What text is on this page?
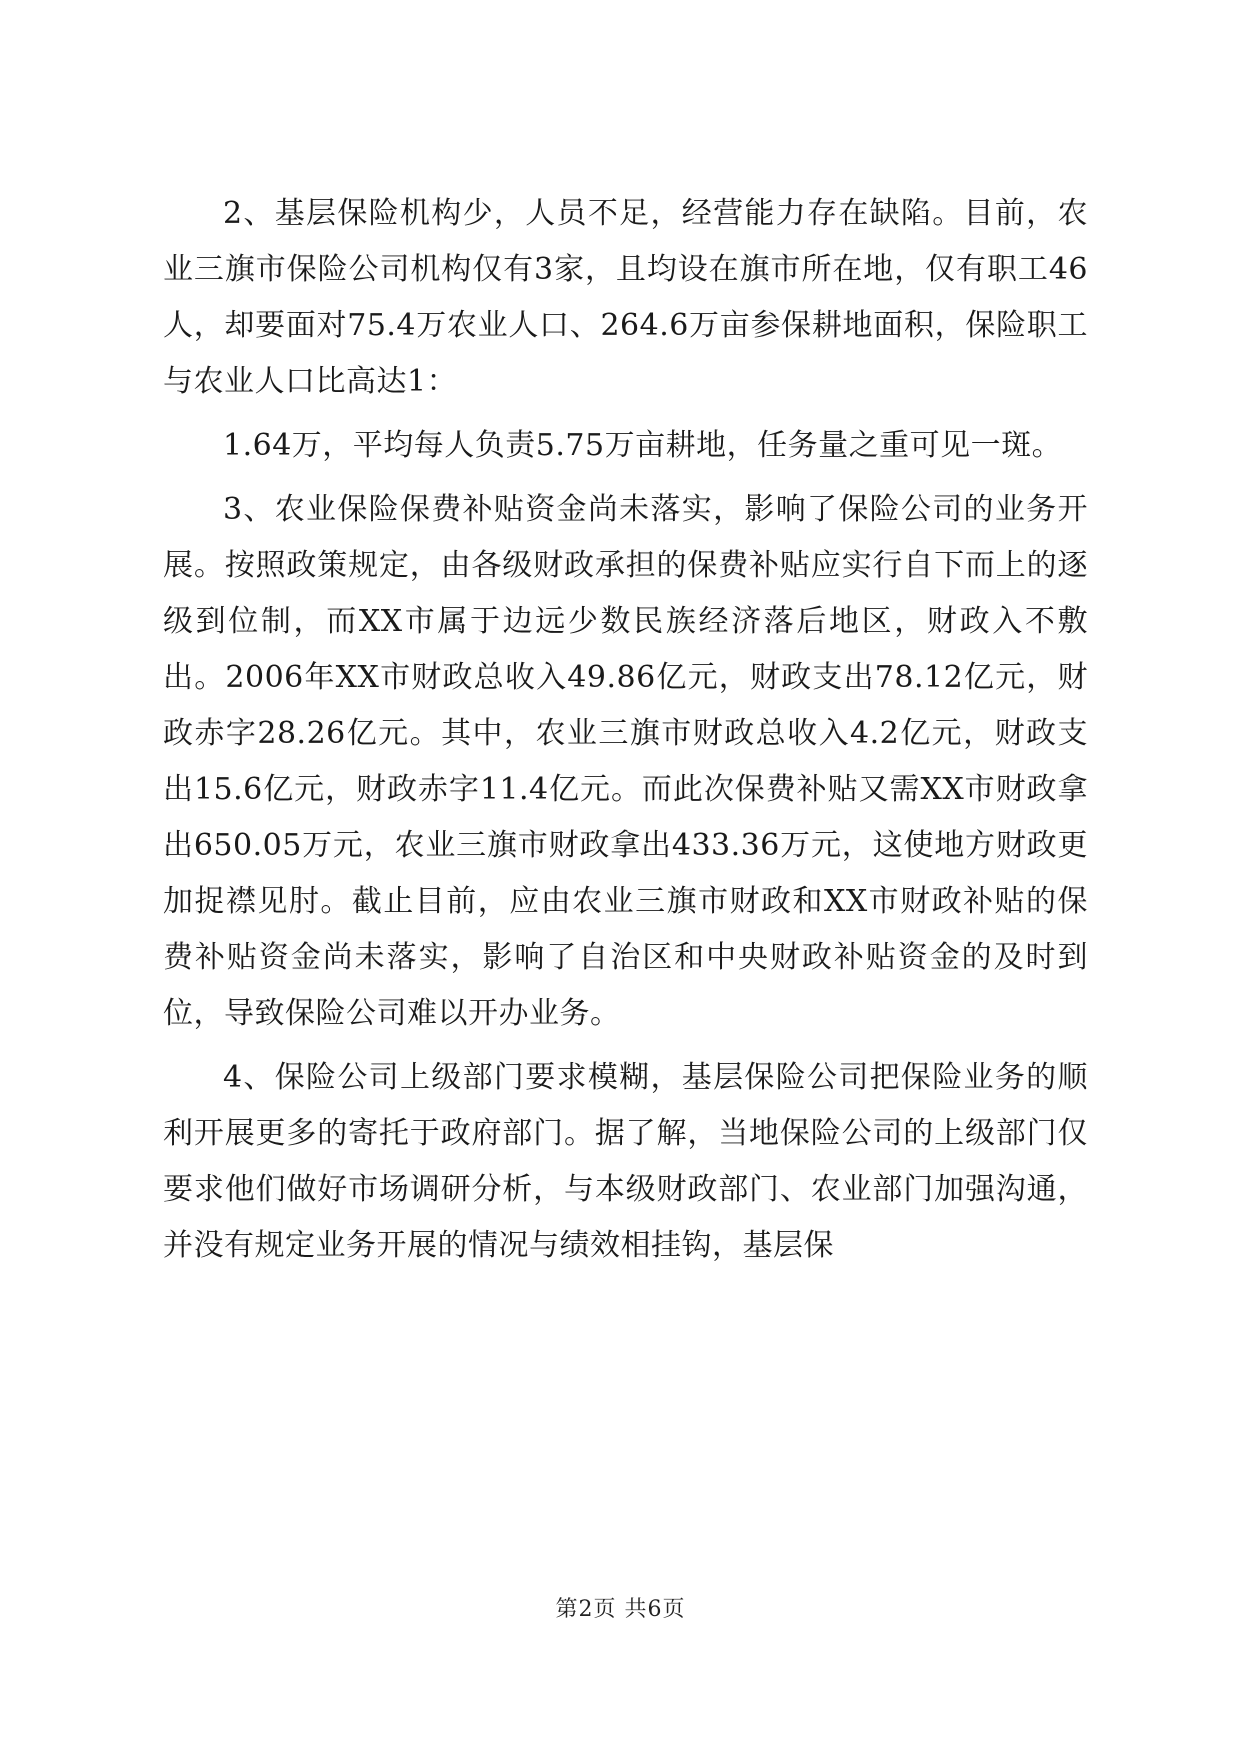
2、基层保险机构少，人员不足，经营能力存在缺陷。目前，农业三旗市保险公司机构仅有3家，且均设在旗市所在地，仅有职工46人，却要面对75.4万农业人口、264.6万亩参保耕地面积，保险职工与农业人口比高达1：

1.64万，平均每人负责5.75万亩耕地，任务量之重可见一斑。

3、农业保险保费补贴资金尚未落实，影响了保险公司的业务开展。按照政策规定，由各级财政承担的保费补贴应实行自下而上的逐级到位制，而XX市属于边远少数民族经济落后地区，财政入不敷出。2006年XX市财政总收入49.86亿元，财政支出78.12亿元，财政赤字28.26亿元。其中，农业三旗市财政总收入4.2亿元，财政支出15.6亿元，财政赤字11.4亿元。而此次保费补贴又需XX市财政拿出650.05万元，农业三旗市财政拿出433.36万元，这使地方财政更加捉襟见肘。截止目前，应由农业三旗市财政和XX市财政补贴的保费补贴资金尚未落实，影响了自治区和中央财政补贴资金的及时到位，导致保险公司难以开办业务。

4、保险公司上级部门要求模糊，基层保险公司把保险业务的顺利开展更多的寄托于政府部门。据了解，当地保险公司的上级部门仅要求他们做好市场调研分析，与本级财政部门、农业部门加强沟通，并没有规定业务开展的情况与绩效相挂钩，基层保

第2页 共6页
